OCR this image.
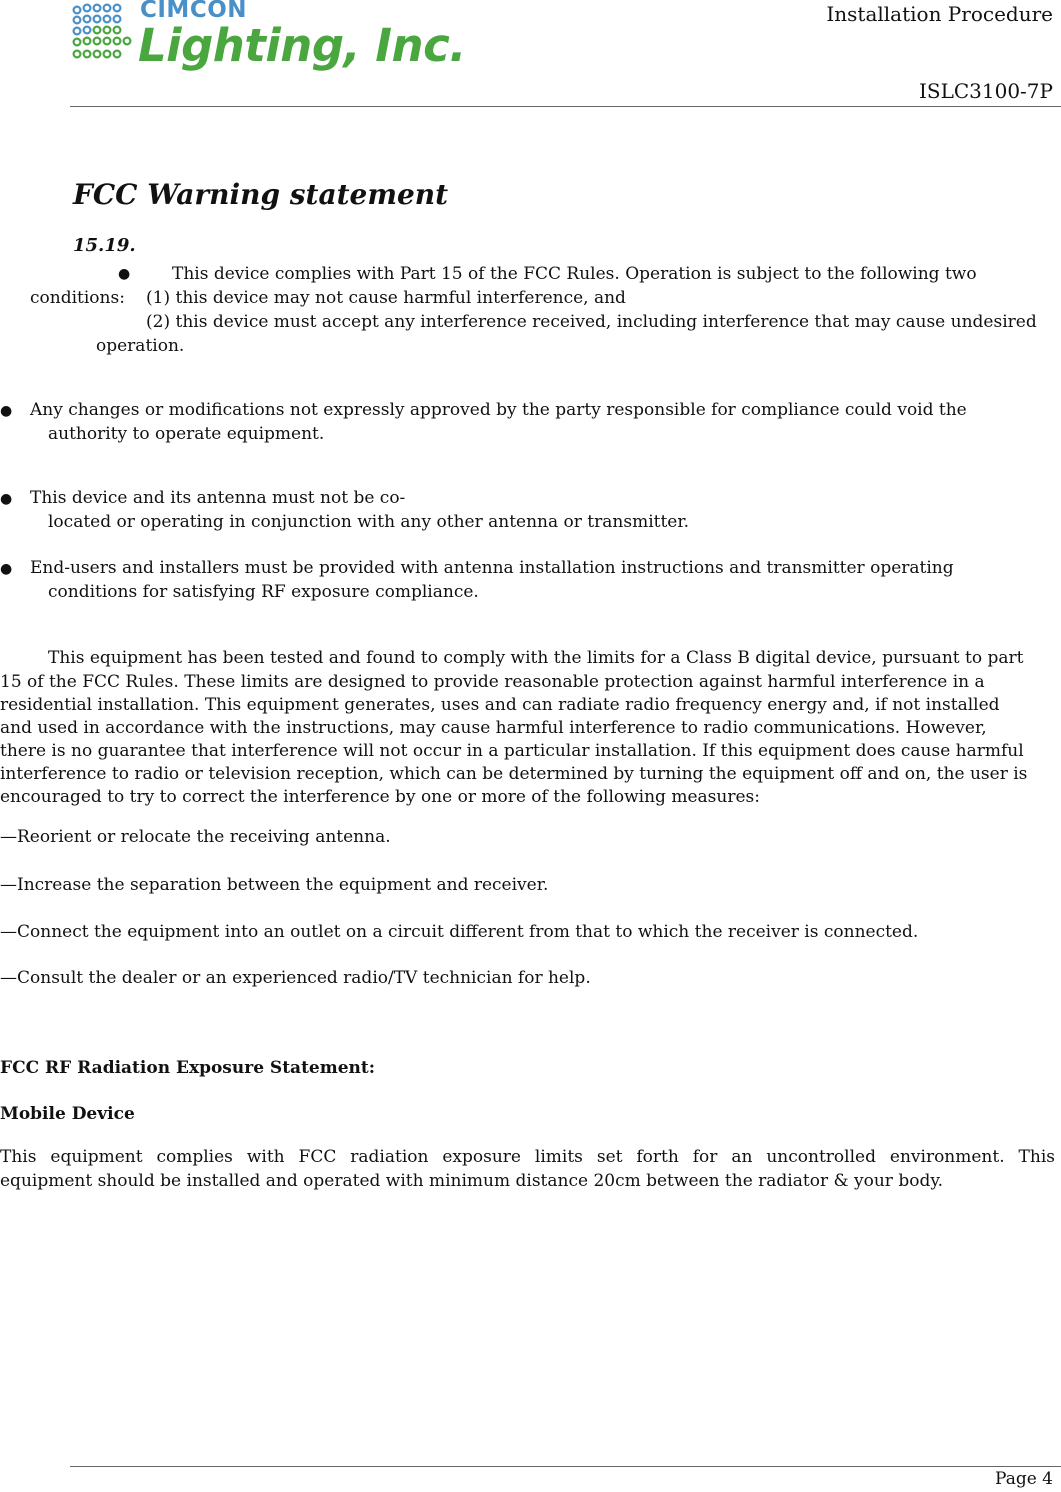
CIMCON
Lighting, Inc.
Installation Procedure
ISLC3100-7P
FCC Warning statement
15.19.
● This device complies with Part 15 of the FCC Rules. Operation is subject to the following two
conditions: (1) this device may not cause harmful interference, and
(2) this device must accept any interference received, including interference that may cause undesired
operation.
● Any changes or modifications not expressly approved by the party responsible for compliance could void the
authority to operate equipment.
● This device and its antenna must not be co-
located or operating in conjunction with any other antenna or transmitter.
● End-users and installers must be provided with antenna installation instructions and transmitter operating
conditions for satisfying RF exposure compliance.
This equipment has been tested and found to comply with the limits for a Class B digital device, pursuant to part
15 of the FCC Rules. These limits are designed to provide reasonable protection against harmful interference in a
residential installation. This equipment generates, uses and can radiate radio frequency energy and, if not installed
and used in accordance with the instructions, may cause harmful interference to radio communications. However,
there is no guarantee that interference will not occur in a particular installation. If this equipment does cause harmful
interference to radio or television reception, which can be determined by turning the equipment off and on, the user is
encouraged to try to correct the interference by one or more of the following measures:
—Reorient or relocate the receiving antenna.
—Increase the separation between the equipment and receiver.
—Connect the equipment into an outlet on a circuit different from that to which the receiver is connected.
—Consult the dealer or an experienced radio/TV technician for help.
FCC RF Radiation Exposure Statement:
Mobile Device
This equipment complies with FCC radiation exposure limits set forth for an uncontrolled environment. This
equipment should be installed and operated with minimum distance 20cm between the radiator & your body.
Page 4
